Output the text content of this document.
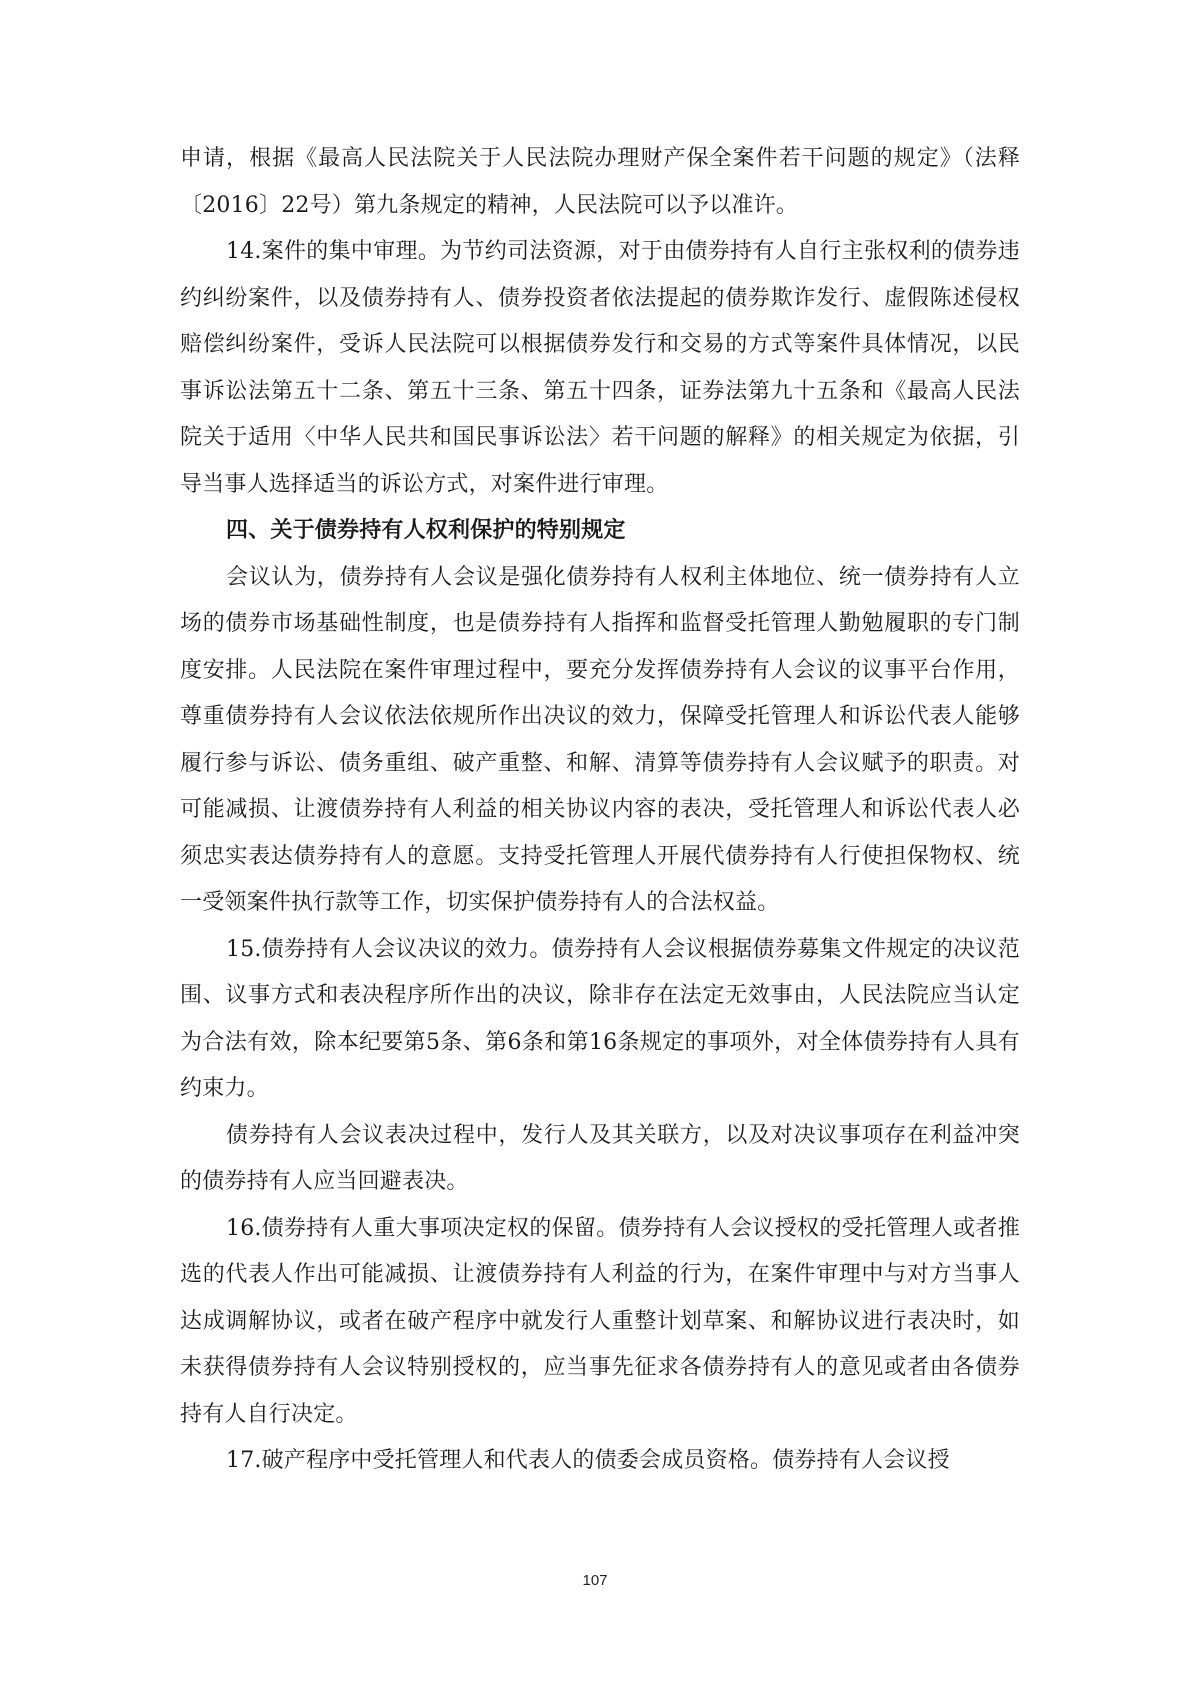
申请，根据《最高人民法院关于人民法院办理财产保全案件若干问题的规定》（法释〔2016〕22号）第九条规定的精神，人民法院可以予以准许。

14.案件的集中审理。为节约司法资源，对于由债券持有人自行主张权利的债券违约纠纷案件，以及债券持有人、债券投资者依法提起的债券欺诈发行、虚假陈述侵权赔偿纠纷案件，受诉人民法院可以根据债券发行和交易的方式等案件具体情况，以民事诉讼法第五十二条、第五十三条、第五十四条，证券法第九十五条和《最高人民法院关于适用〈中华人民共和国民事诉讼法〉若干问题的解释》的相关规定为依据，引导当事人选择适当的诉讼方式，对案件进行审理。

四、关于债券持有人权利保护的特别规定

会议认为，债券持有人会议是强化债券持有人权利主体地位、统一债券持有人立场的债券市场基础性制度，也是债券持有人指挥和监督受托管理人勤勉履职的专门制度安排。人民法院在案件审理过程中，要充分发挥债券持有人会议的议事平台作用，尊重债券持有人会议依法依规所作出决议的效力，保障受托管理人和诉讼代表人能够履行参与诉讼、债务重组、破产重整、和解、清算等债券持有人会议赋予的职责。对可能减损、让渡债券持有人利益的相关协议内容的表决，受托管理人和诉讼代表人必须忠实表达债券持有人的意愿。支持受托管理人开展代债券持有人行使担保物权、统一受领案件执行款等工作，切实保护债券持有人的合法权益。

15.债券持有人会议决议的效力。债券持有人会议根据债券募集文件规定的决议范围、议事方式和表决程序所作出的决议，除非存在法定无效事由，人民法院应当认定为合法有效，除本纪要第5条、第6条和第16条规定的事项外，对全体债券持有人具有约束力。

债券持有人会议表决过程中，发行人及其关联方，以及对决议事项存在利益冲突的债券持有人应当回避表决。

16.债券持有人重大事项决定权的保留。债券持有人会议授权的受托管理人或者推选的代表人作出可能减损、让渡债券持有人利益的行为，在案件审理中与对方当事人达成调解协议，或者在破产程序中就发行人重整计划草案、和解协议进行表决时，如未获得债券持有人会议特别授权的，应当事先征求各债券持有人的意见或者由各债券持有人自行决定。

17.破产程序中受托管理人和代表人的债委会成员资格。债券持有人会议授

107
